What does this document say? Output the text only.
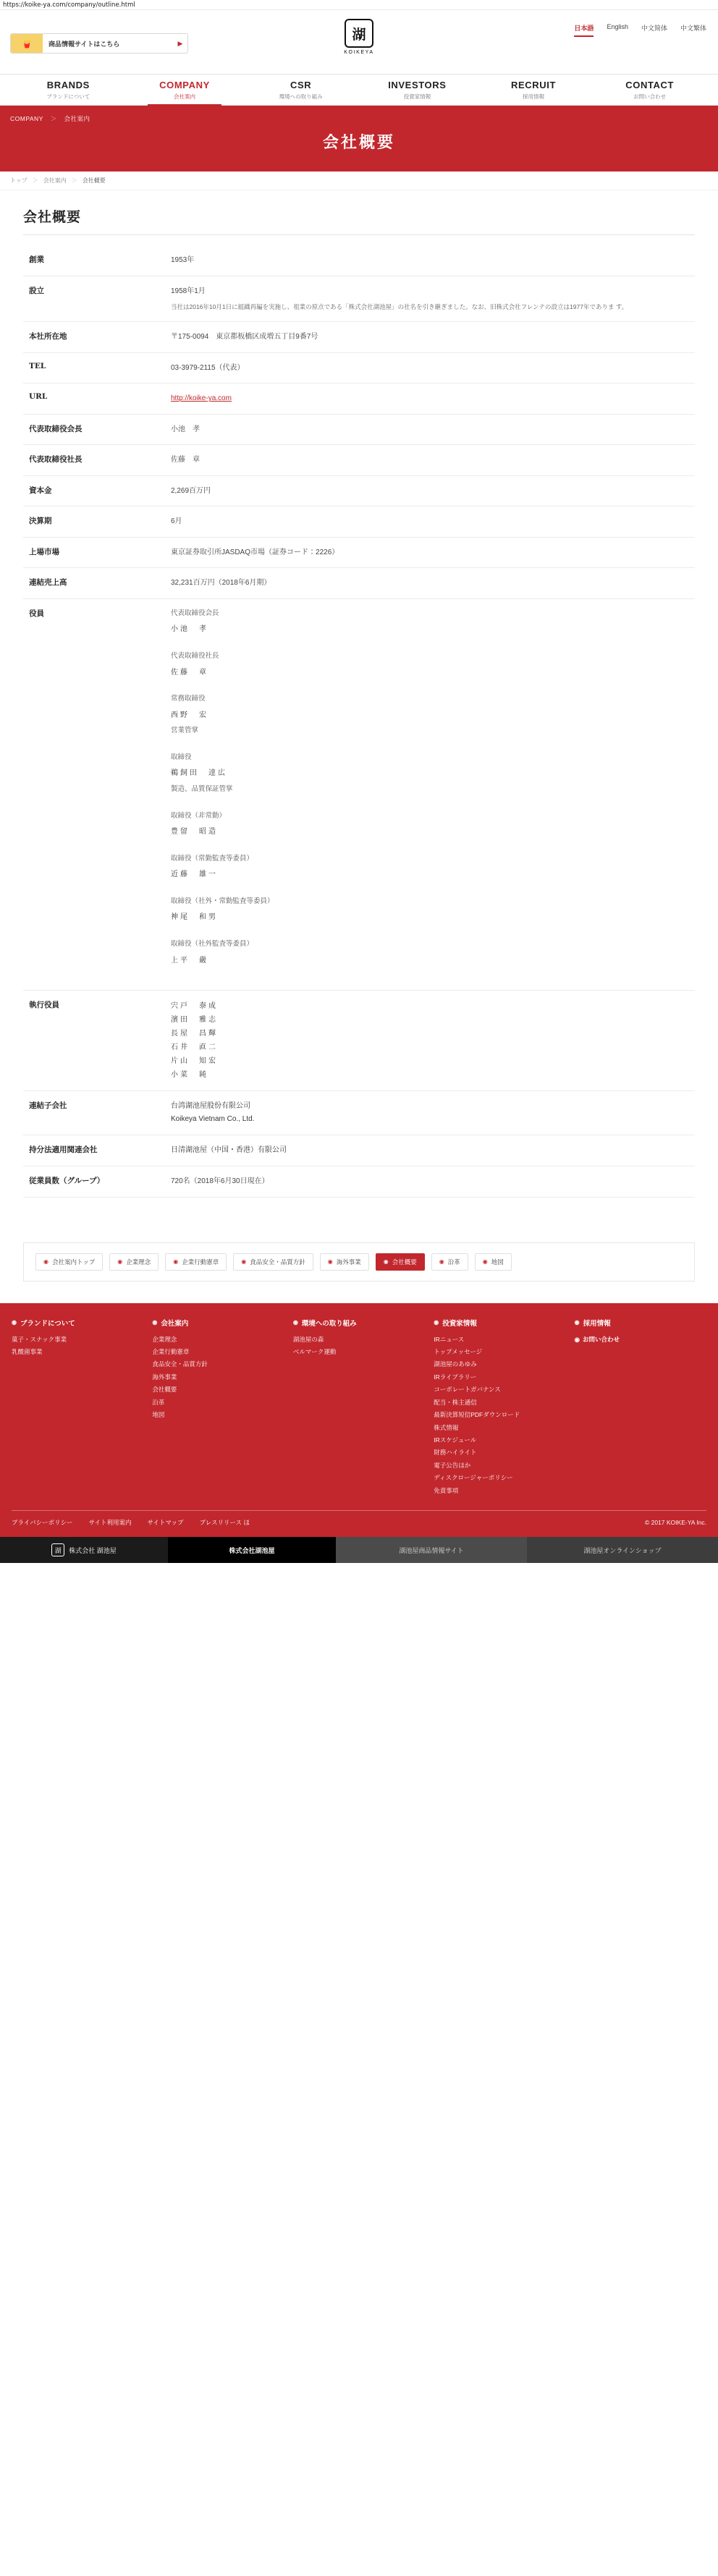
https://koike-ya.com/company/outline.html
日本語 English 中文简体 中文繁体
🍟	商品情報サイトはこちら	▶
湖
KOIKEYA
BRANDS
ブランドについて
COMPANY
会社案内
CSR
環境への取り組み
INVESTORS
投資家情報
RECRUIT
採用情報
CONTACT
お問い合わせ
COMPANY ＞ 会社案内
会社概要
トップ ＞ 会社案内 ＞ 会社概要
会社概要
創業	1953年
設立	1958年1月
当社は2016年10月1日に組織再編を実施し、祖業の原点である「株式会社湖池屋」の社名を引き継ぎました。なお、旧株式会社フレンテの設立は1977年でありま す。

本社所在地	〒175-0094　東京都板橋区成増五丁目9番7号
TEL	03-3979-2115（代表）
URL	http://koike-ya.com
代表取締役会長	小池　孝
代表取締役社長	佐藤　章
資本金	2,269百万円
決算期	6月
上場市場	東京証券取引所JASDAQ市場（証券コード：2226）
連結売上高	32,231百万円（2018年6月期）
役員	代表取締役会長
小池　孝
代表取締役社長
佐藤　章
常務取締役
西野　宏
営業管掌
取締役
鵜飼田　達広
製造、品質保証管掌
取締役（非常勤）
豊留　昭造
取締役（常勤監査等委員）
近藤　雄一
取締役（社外・常勤監査等委員）
神尾　和男
取締役（社外監査等委員）
上平　嚴

執行役員	宍戸　泰成
濱田　雅志
長屋　昌輝
石井　直二
片山　知宏
小菜　純

連結子会社	台湾湖池屋股份有限公司
Koikeya Vietnam Co., Ltd.

持分法適用関連会社	日清湖池屋（中国・香港）有限公司

従業員数（グループ）	720名（2018年6月30日現在）
◉ 会社案内トップ	◉ 企業理念	◉ 企業行動憲章	◉ 食品安全・品質方針	◉ 海外事業	◉ 会社概要	◉ 沿革	◉ 地図
◉ ブランドについて
菓子・スナック事業
乳酸菌事業
◉ 会社案内
企業理念
企業行動憲章
食品安全・品質方針
海外事業
会社概要
沿革
地図
◉ 環境への取り組み
湖池屋の森
ベルマーク運動
◉ 投資家情報
IRニュース
トップメッセージ
湖池屋のあゆみ
IRライブラリー
コーポレートガバナンス
配当・株主通信
最新決算短信PDFダウンロード
株式情報
IRスケジュール
財務ハイライト
電子公告ほか
ディスクロージャーポリシー
免責事項
◉ 採用情報
◉ お問い合わせ
プライバシーポリシー	サイト利用案内	サイトマップ	プレスリリース ほ	© 2017 KOIKE-YA Inc.
湖	株式会社 湖池屋	株式会社湖池屋	湖池屋商品情報サイト	湖池屋オンラインショップ
